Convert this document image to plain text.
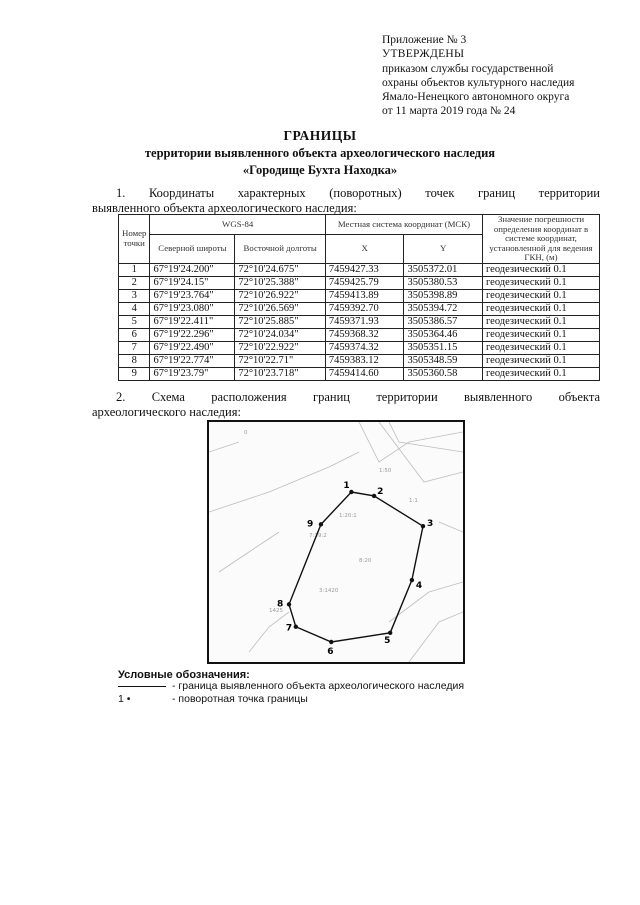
Приложение № 3
УТВЕРЖДЕНЫ
приказом службы государственной
охраны объектов культурного наследия
Ямало-Ненецкого автономного округа
от 11 марта 2019 года № 24
ГРАНИЦЫ
территории выявленного объекта археологического наследия
«Городище Бухта Находка»
1. Координаты характерных (поворотных) точек границ территории
выявленного объекта археологического наследия:
Номер точки	WGS-84		Местная система координат (МСК)		Значение погрешности определения координат в системе координат, установленной для ведения ГКН, (м)
	Северной широты	Восточной долготы	X	Y	
1	67°19'24.200"	72°10'24.675"	7459427.33	3505372.01	геодезический 0.1
2	67°19'24.15"	72°10'25.388"	7459425.79	3505380.53	геодезический 0.1
3	67°19'23.764"	72°10'26.922"	7459413.89	3505398.89	геодезический 0.1
4	67°19'23.080"	72°10'26.569"	7459392.70	3505394.72	геодезический 0.1
5	67°19'22.411"	72°10'25.885"	7459371.93	3505386.57	геодезический 0.1
6	67°19'22.296"	72°10'24.034"	7459368.32	3505364.46	геодезический 0.1
7	67°19'22.490"	72°10'22.922"	7459374.32	3505351.15	геодезический 0.1
8	67°19'22.774"	72°10'22.71"	7459383.12	3505348.59	геодезический 0.1
9	67°19'23.79"	72°10'23.718"	7459414.60	3505360.58	геодезический 0.1
2. Схема расположения границ территории выявленного объекта
археологического наследия:
0
7:39:2
1:20:1
3:1420
1425
1:50
1:1
8:20
1
2
3
4
5
6
7
8
9
Условные обозначения:
- граница выявленного объекта археологического наследия
1 •	- поворотная точка границы
